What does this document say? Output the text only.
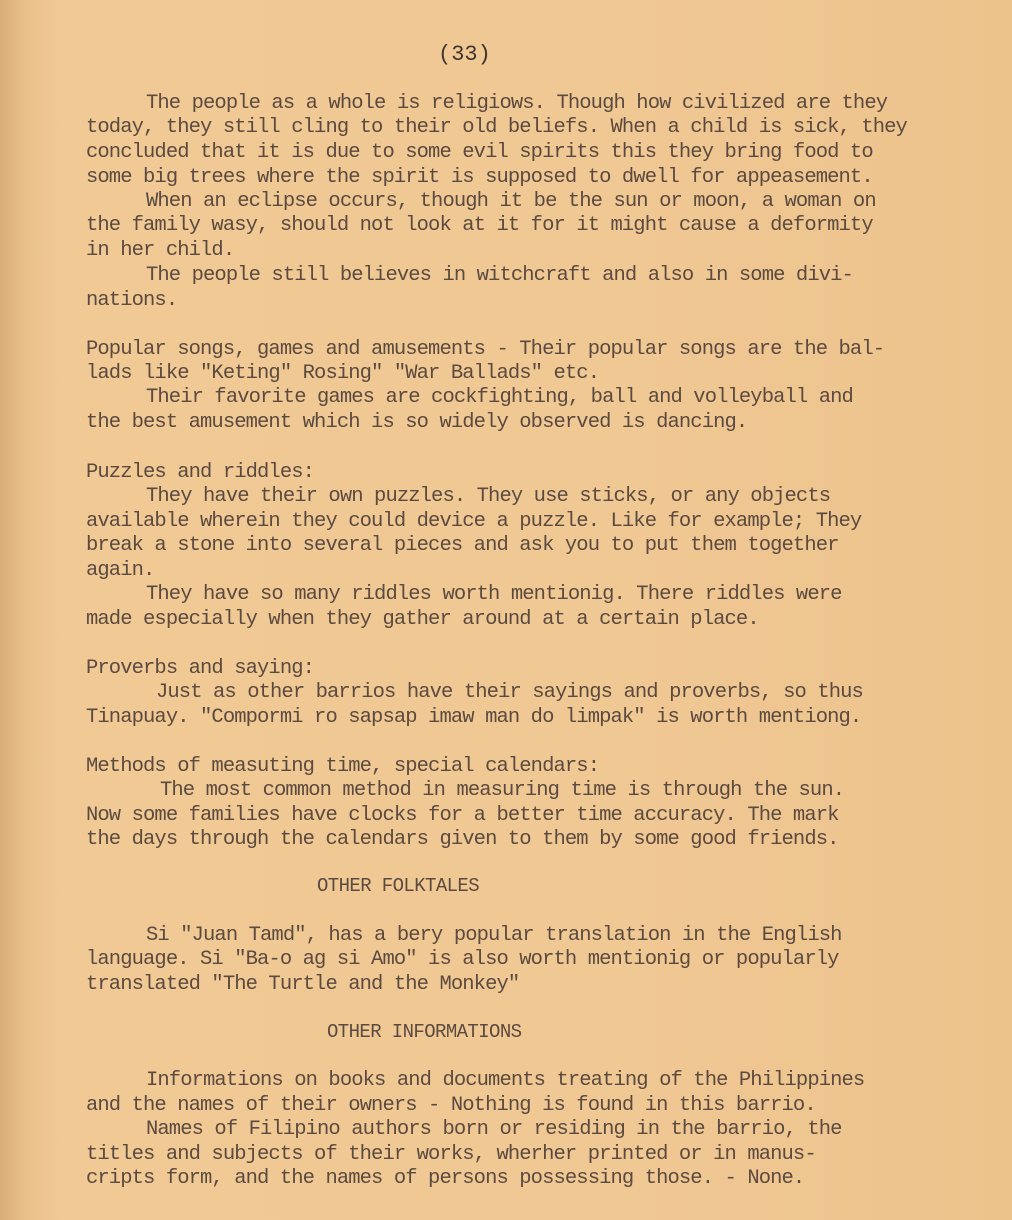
(33)
The people as a whole is religiows. Though how civilized are they
today, they still cling to their old beliefs. When a child is sick, they
concluded that it is due to some evil spirits this they bring food to
some big trees where the spirit is supposed to dwell for appeasement.
When an eclipse occurs, though it be the sun or moon, a woman on
the family wasy, should not look at it for it might cause a deformity
in her child.
The people still believes in witchcraft and also in some divi-
nations.
Popular songs, games and amusements - Their popular songs are the bal-
lads like "Keting" Rosing" "War Ballads" etc.
Their favorite games are cockfighting, ball and volleyball and
the best amusement which is so widely observed is dancing.
Puzzles and riddles:
They have their own puzzles. They use sticks, or any objects
available wherein they could device a puzzle. Like for example; They
break a stone into several pieces and ask you to put them together
again.
They have so many riddles worth mentionig. There riddles were
made especially when they gather around at a certain place.
Proverbs and saying:
Just as other barrios have their sayings and proverbs, so thus
Tinapuay. "Compormi ro sapsap imaw man do limpak" is worth mentiong.
Methods of measuting time, special calendars:
The most common method in measuring time is through the sun.
Now some families have clocks for a better time accuracy. The mark
the days through the calendars given to them by some good friends.
OTHER FOLKTALES
Si "Juan Tamd", has a bery popular translation in the English
language. Si "Ba-o ag si Amo" is also worth mentionig or popularly
translated "The Turtle and the Monkey"
OTHER INFORMATIONS
Informations on books and documents treating of the Philippines
and the names of their owners - Nothing is found in this barrio.
Names of Filipino authors born or residing in the barrio, the
titles and subjects of their works, wherher printed or in manus-
cripts form, and the names of persons possessing those. - None.
